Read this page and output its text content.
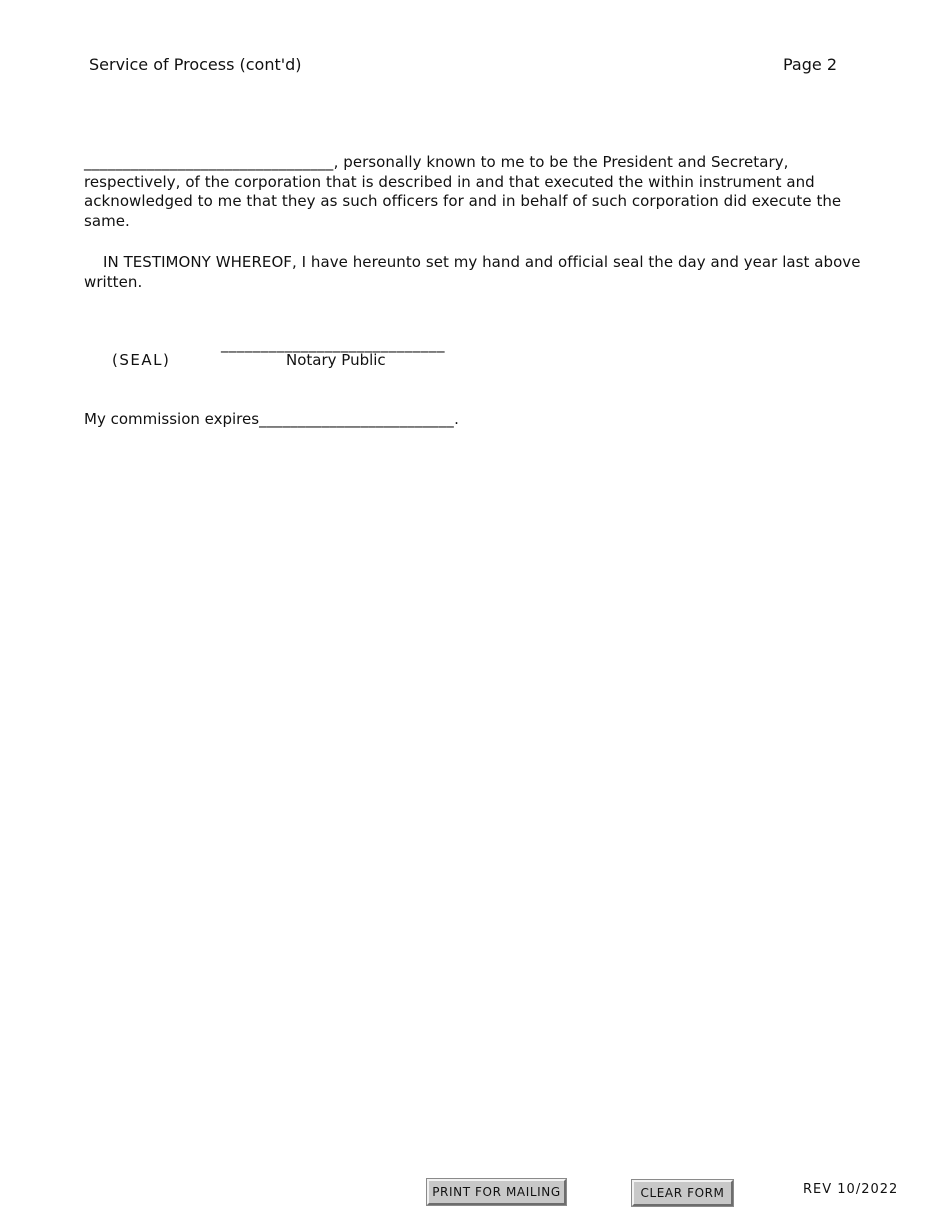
Service of Process (cont'd)	Page 2
________________________________, personally known to me to be the President and Secretary, respectively, of the corporation that is described in and that executed the within instrument and acknowledged to me that they as such officers for and in behalf of such corporation did execute the same.
IN TESTIMONY WHEREOF, I have hereunto set my hand and official seal the day and year last above written.
(SEAL)
____________________________
Notary Public
My commission expires_________________________.
PRINT FOR MAILING	CLEAR FORM	REV 10/2022
